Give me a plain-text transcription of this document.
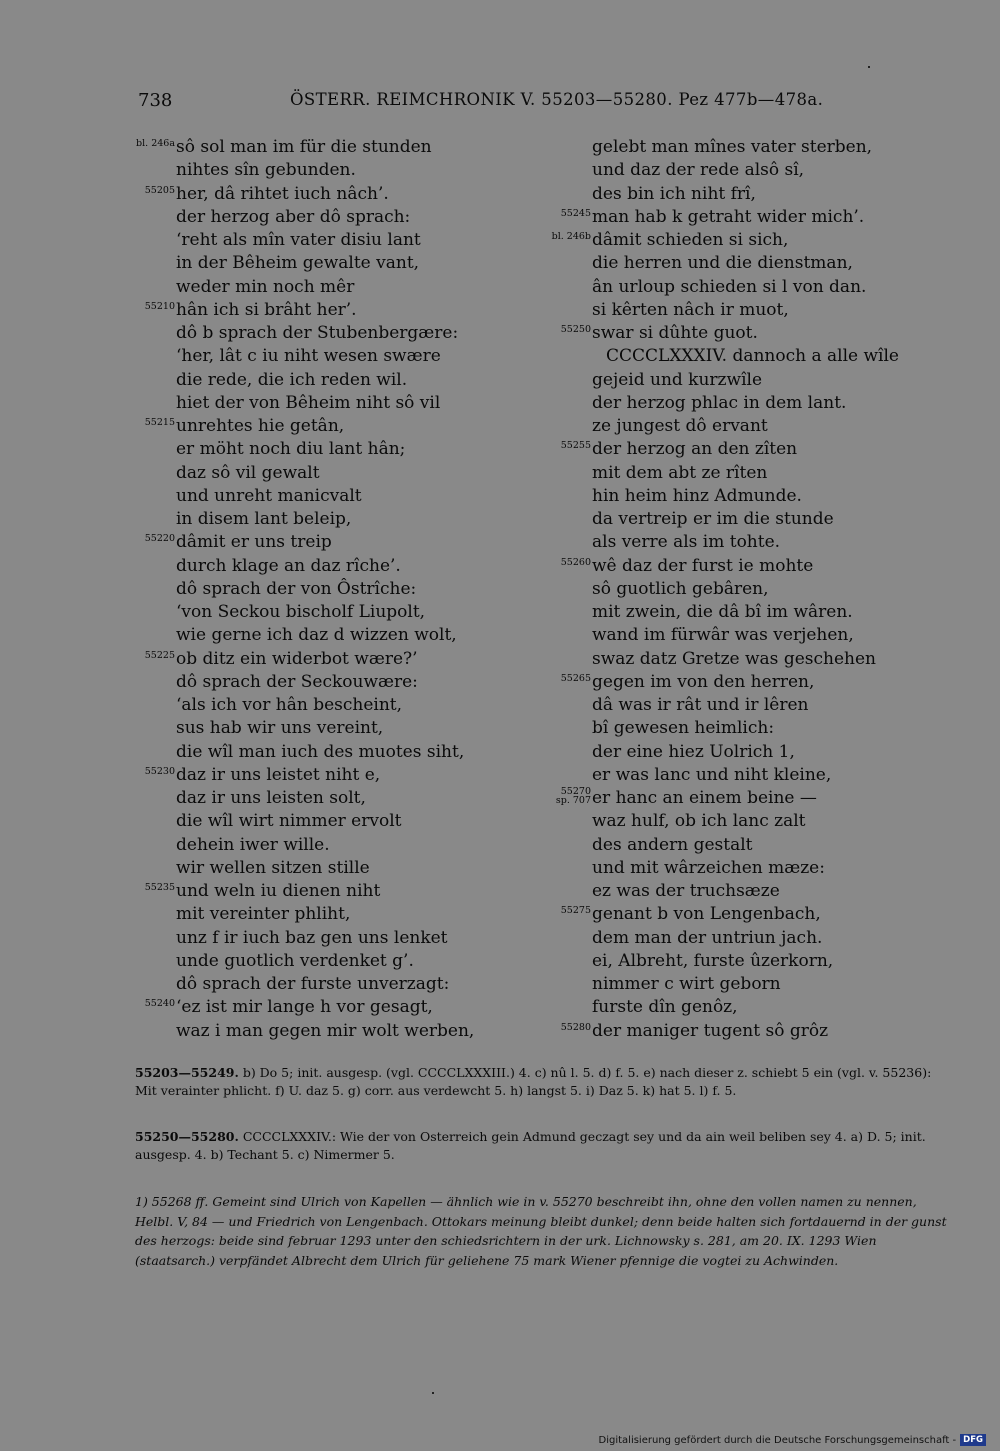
738	ÖSTERR. REIMCHRONIK V. 55203—55280. Pez 477b—478a.
bl. 246a sô sol man im für die stunden
nihtes sîn gebunden.
55205 her, dâ rihtet iuch nâch’.
der herzog aber dô sprach:
‘reht als mîn vater disiu lant
in der Bêheim gewalte vant,
weder min noch mêr
55210 hân ich si brâht her’.
dô b sprach der Stubenbergære:
‘her, lât c iu niht wesen swære
die rede, die ich reden wil.
hiet der von Bêheim niht sô vil
55215 unrehtes hie getân,
er möht noch diu lant hân;
daz sô vil gewalt
und unreht manicvalt
in disem lant beleip,
55220 dâmit er uns treip
durch klage an daz rîche’.
dô sprach der von Ôstrîche:
‘von Seckou bischolf Liupolt,
wie gerne ich daz d wizzen wolt,
55225 ob ditz ein widerbot wære?’
dô sprach der Seckouwære:
‘als ich vor hân bescheint,
sus hab wir uns vereint,
die wîl man iuch des muotes siht,
55230 daz ir uns leistet niht e,
daz ir uns leisten solt,
die wîl wirt nimmer ervolt
dehein iwer wille.
wir wellen sitzen stille
55235 und weln iu dienen niht
mit vereinter phliht,
unz f ir iuch baz gen uns lenket
unde guotlich verdenket g’.
dô sprach der furste unverzagt:
55240 ‘ez ist mir lange h vor gesagt,
waz i man gegen mir wolt werben,
gelebt man mînes vater sterben,
und daz der rede alsô sî,
des bin ich niht frî,
55245 man hab k getraht wider mich’.
bl. 246b dâmit schieden si sich,
die herren und die dienstman,
ân urloup schieden si l von dan.
si kêrten nâch ir muot,
55250 swar si dûhte guot.
CCCCLXXXIV. dannoch a alle wîle
gejeid und kurzwîle
der herzog phlac in dem lant.
ze jungest dô ervant
55255 der herzog an den zîten
mit dem abt ze rîten
hin heim hinz Admunde.
da vertreip er im die stunde
als verre als im tohte.
55260 wê daz der furst ie mohte
sô guotlich gebâren,
mit zwein, die dâ bî im wâren.
wand im fürwâr was verjehen,
swaz datz Gretze was geschehen
55265 gegen im von den herren,
dâ was ir rât und ir lêren
bî gewesen heimlich:
der eine hiez Uolrich 1,
er was lanc und niht kleine,
55270
sp. 707 er hanc an einem beine —
waz hulf, ob ich lanc zalt
des andern gestalt
und mit wârzeichen mæze:
ez was der truchsæze
55275 genant b von Lengenbach,
dem man der untriun jach.
ei, Albreht, furste ûzerkorn,
nimmer c wirt geborn
furste dîn genôz,
55280 der maniger tugent sô grôz
55203—55249. b) Do 5; init. ausgesp. (vgl. CCCCLXXXIII.) 4. c) nû l. 5. d) f. 5. e) nach dieser z. schiebt 5 ein (vgl. v. 55236): Mit verainter phlicht. f) U. daz 5. g) corr. aus verdewcht 5. h) langst 5. i) Daz 5. k) hat 5. l) f. 5.
55250—55280. CCCCLXXXIV.: Wie der von Osterreich gein Admund geczagt sey und da ain weil beliben sey 4. a) D. 5; init. ausgesp. 4. b) Techant 5. c) Nimermer 5.
1) 55268 ff. Gemeint sind Ulrich von Kapellen — ähnlich wie in v. 55270 beschreibt ihn, ohne den vollen namen zu nennen, Helbl. V, 84 — und Friedrich von Lengenbach. Ottokars meinung bleibt dunkel; denn beide halten sich fortdauernd in der gunst des herzogs: beide sind februar 1293 unter den schiedsrichtern in der urk. Lichnowsky s. 281, am 20. IX. 1293 Wien (staatsarch.) verpfändet Albrecht dem Ulrich für geliehene 75 mark Wiener pfennige die vogtei zu Achwinden.
Digitalisierung gefördert durch die Deutsche Forschungsgemeinschaft - DFG
